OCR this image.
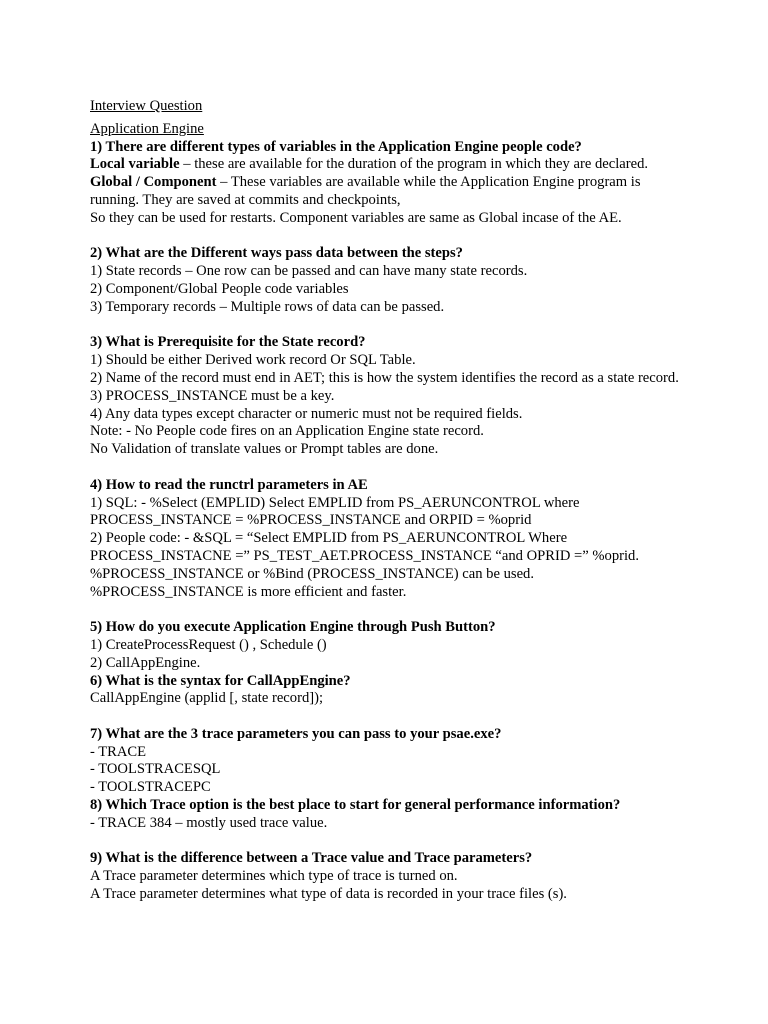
Interview Question
Application Engine
1) There are different types of variables in the Application Engine people code?
Local variable – these are available for the duration of the program in which they are declared.
Global / Component – These variables are available while the Application Engine program is running. They are saved at commits and checkpoints,
So they can be used for restarts. Component variables are same as Global incase of the AE.
2) What are the Different ways pass data between the steps?
1) State records – One row can be passed and can have many state records.
2) Component/Global People code variables
3) Temporary records – Multiple rows of data can be passed.
3) What is Prerequisite for the State record?
1) Should be either Derived work record Or SQL Table.
2) Name of the record must end in AET; this is how the system identifies the record as a state record.
3) PROCESS_INSTANCE must be a key.
4) Any data types except character or numeric must not be required fields.
Note: - No People code fires on an Application Engine state record.
No Validation of translate values or Prompt tables are done.
4) How to read the runctrl parameters in AE
1) SQL: - %Select (EMPLID) Select EMPLID from PS_AERUNCONTROL where
PROCESS_INSTANCE = %PROCESS_INSTANCE and ORPID = %oprid
2) People code: - &SQL = “Select EMPLID from PS_AERUNCONTROL Where
PROCESS_INSTACNE =” PS_TEST_AET.PROCESS_INSTANCE “and OPRID =” %oprid.
%PROCESS_INSTANCE or %Bind (PROCESS_INSTANCE) can be used.
%PROCESS_INSTANCE is more efficient and faster.
5) How do you execute Application Engine through Push Button?
1) CreateProcessRequest () , Schedule ()
2) CallAppEngine.
6) What is the syntax for CallAppEngine?
CallAppEngine (applid [, state record]);
7) What are the 3 trace parameters you can pass to your psae.exe?
- TRACE
- TOOLSTRACESQL
- TOOLSTRACEPC
8) Which Trace option is the best place to start for general performance information?
- TRACE 384 – mostly used trace value.
9) What is the difference between a Trace value and Trace parameters?
A Trace parameter determines which type of trace is turned on.
A Trace parameter determines what type of data is recorded in your trace files (s).
